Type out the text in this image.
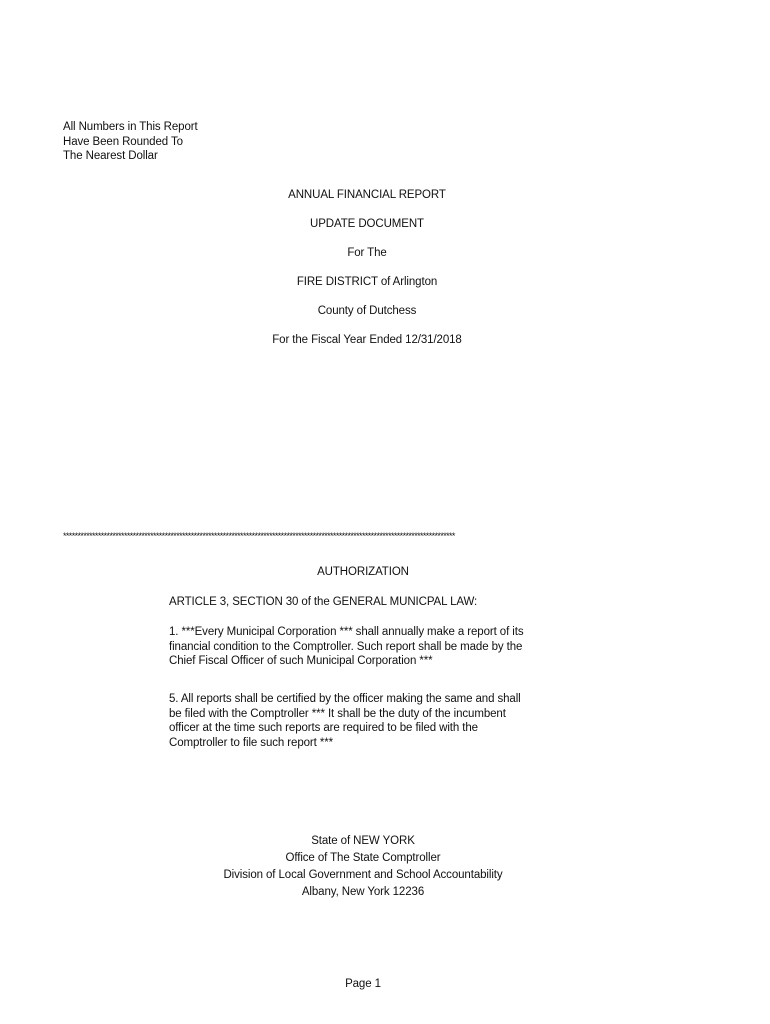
All Numbers in This Report
Have Been Rounded To
The Nearest Dollar
ANNUAL FINANCIAL REPORT
UPDATE DOCUMENT
For The
FIRE DISTRICT of Arlington
County of Dutchess
For the Fiscal Year Ended 12/31/2018
***************************************************************************************************************************************
AUTHORIZATION
ARTICLE 3, SECTION 30 of the GENERAL MUNICPAL LAW:
1. ***Every Municipal Corporation *** shall annually make a report of its
financial condition to the Comptroller. Such report shall be made by the
Chief Fiscal Officer of such Municipal Corporation ***
5. All reports shall be certified by the officer making the same and shall
be filed with the Comptroller *** It shall be the duty of the incumbent
officer at the time such reports are required to be filed with the
Comptroller to file such report ***
State of NEW YORK
Office of The State Comptroller
Division of Local Government and School Accountability
Albany, New York 12236
Page 1
